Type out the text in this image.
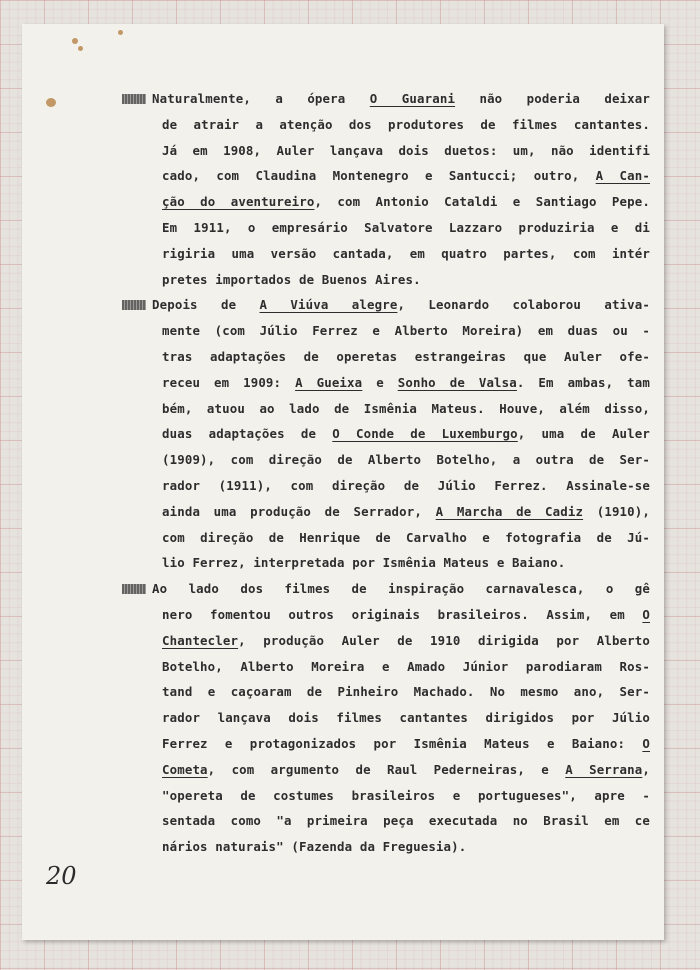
Naturalmente, a ópera O Guarani não poderia deixar
de atrair a atenção dos produtores de filmes cantantes.
Já em 1908, Auler lançava dois duetos: um, não identifi
cado, com Claudina Montenegro e Santucci; outro, A Can-
ção do aventureiro, com Antonio Cataldi e Santiago Pepe.
Em 1911, o empresário Salvatore Lazzaro produziria e di
rigiria uma versão cantada, em quatro partes, com intér
pretes importados de Buenos Aires.
Depois de A Viúva alegre, Leonardo colaborou ativa-
mente (com Júlio Ferrez e Alberto Moreira) em duas ou -
tras adaptações de operetas estrangeiras que Auler ofe-
receu em 1909: A Gueixa e Sonho de Valsa. Em ambas, tam
bém, atuou ao lado de Ismênia Mateus. Houve, além disso,
duas adaptações de O Conde de Luxemburgo, uma de Auler
(1909), com direção de Alberto Botelho, a outra de Ser-
rador (1911), com direção de Júlio Ferrez. Assinale-se
ainda uma produção de Serrador, A Marcha de Cadiz (1910),
com direção de Henrique de Carvalho e fotografia de Jú-
lio Ferrez, interpretada por Ismênia Mateus e Baiano.
Ao lado dos filmes de inspiração carnavalesca, o gê
nero fomentou outros originais brasileiros. Assim, em O
Chantecler, produção Auler de 1910 dirigida por Alberto
Botelho, Alberto Moreira e Amado Júnior parodiaram Ros-
tand e caçoaram de Pinheiro Machado. No mesmo ano, Ser-
rador lançava dois filmes cantantes dirigidos por Júlio
Ferrez e protagonizados por Ismênia Mateus e Baiano: O
Cometa, com argumento de Raul Pederneiras, e A Serrana,
"opereta de costumes brasileiros e portugueses", apre -
sentada como "a primeira peça executada no Brasil em ce
nários naturais" (Fazenda da Freguesia).
20
